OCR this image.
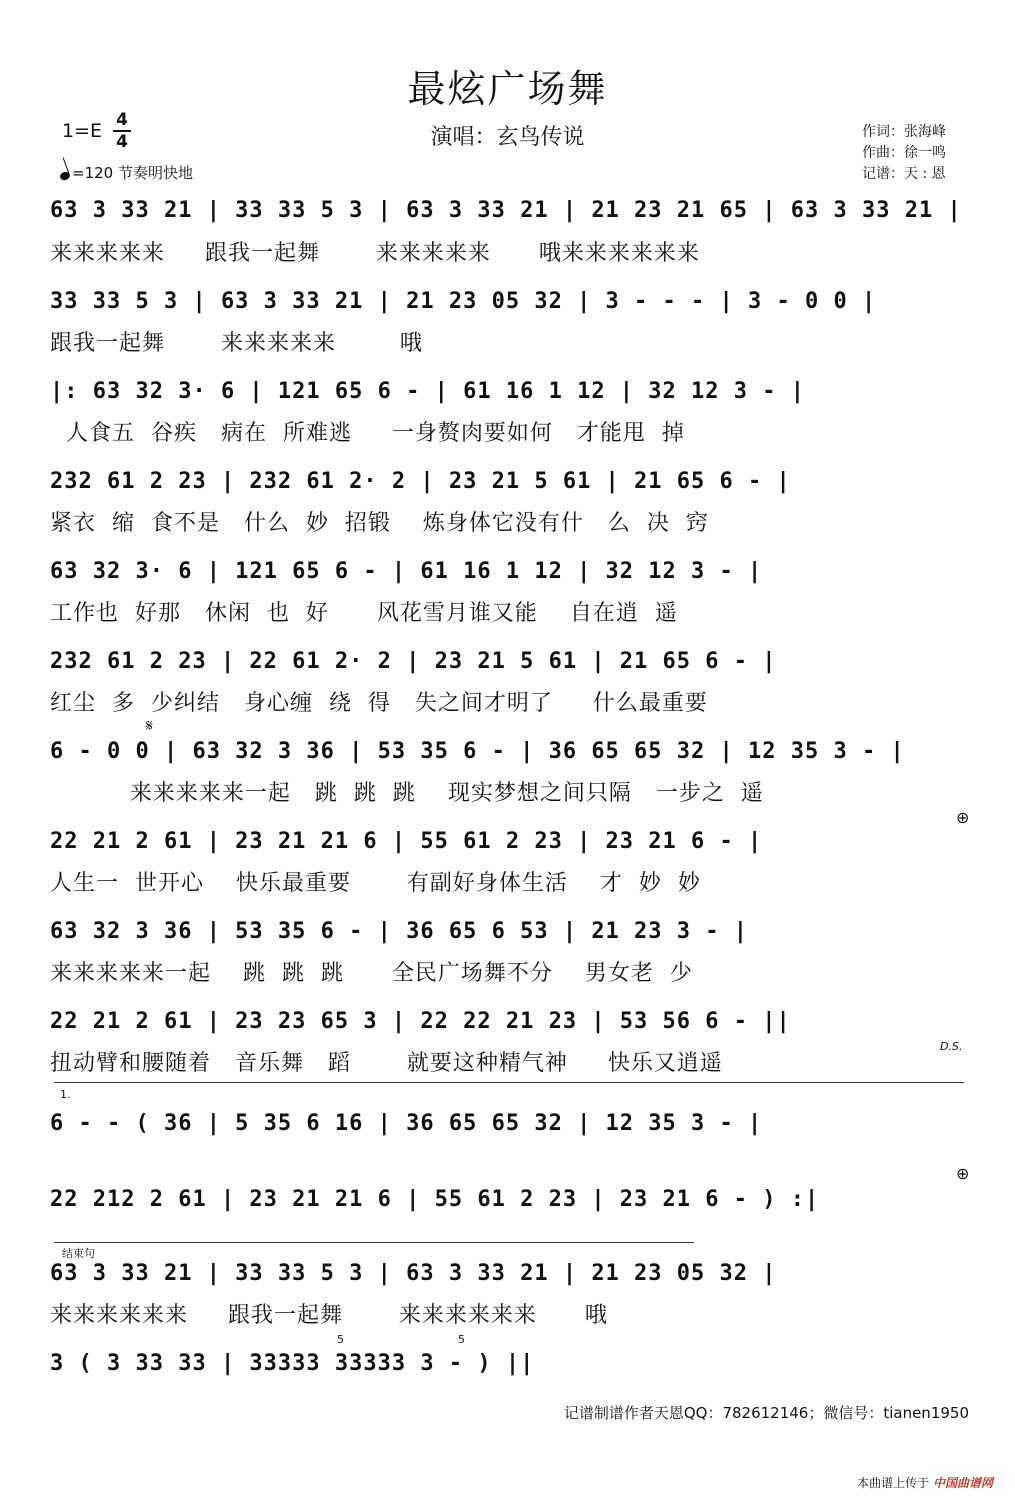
最炫广场舞
1=E 4
4
=120 节奏明快地
演唱：玄鸟传说	作词：张海峰
作曲：徐一鸣
记谱：天 : 恩
63 3 33 21 | 33 33 5 3 | 63 3 33 21 | 21 23 21 65 | 63 3 33 21 |
来来来来来     跟我一起舞       来来来来来      哦来来来来来来
33 33 5 3 | 63 3 33 21 | 21 23 05 32 | 3 - - - | 3 - 0 0 |
跟我一起舞       来来来来来        哦
|: 63 32 3· 6 | 121 65 6 - | 61 16 1 12 | 32 12 3 - |
人食五  谷疾   病在  所难逃     一身赘肉要如何   才能甩  掉
232 61 2 23 | 232 61 2· 2 | 23 21 5 61 | 21 65 6 - |
紧衣  缩  食不是   什么  妙  招锻    炼身体它没有什   么  决  窍
63 32 3· 6 | 121 65 6 - | 61 16 1 12 | 32 12 3 - |
工作也  好那   休闲  也  好      风花雪月谁又能    自在逍  遥
232 61 2 23 | 22 61 2· 2 | 23 21 5 61 | 21 65 6 - |
红尘  多  少纠结   身心缠  绕  得   失之间才明了     什么最重要
𝄋
6 - 0 0 | 63 32 3 36 | 53 35 6 - | 36 65 65 32 | 12 35 3 - |
来来来来来一起   跳  跳  跳    现实梦想之间只隔   一步之  遥
⊕
22 21 2 61 | 23 21 21 6 | 55 61 2 23 | 23 21 6 - |
人生一  世开心    快乐最重要       有副好身体生活    才  妙  妙
63 32 3 36 | 53 35 6 - | 36 65 6 53 | 21 23 3 - |
来来来来来一起    跳  跳  跳      全民广场舞不分    男女老  少
22 21 2 61 | 23 23 65 3 | 22 22 21 23 | 53 56 6 - ||
扭动臂和腰随着   音乐舞   蹈       就要这种精气神     快乐又逍遥
D.S.
1.
6 - - ( 36 | 5 35 6 16 | 36 65 65 32 | 12 35 3 - |
⊕
22 212 2 61 | 23 21 21 6 | 55 61 2 23 | 23 21 6 - ) :|
结束句
63 3 33 21 | 33 33 5 3 | 63 3 33 21 | 21 23 05 32 |
来来来来来来     跟我一起舞       来来来来来来      哦
5	5
3 ( 3 33 33 | 33333 33333 3 - ) ||
记谱制谱作者天恩QQ：782612146；微信号：tianen1950
本曲谱上传于 中国曲谱网
